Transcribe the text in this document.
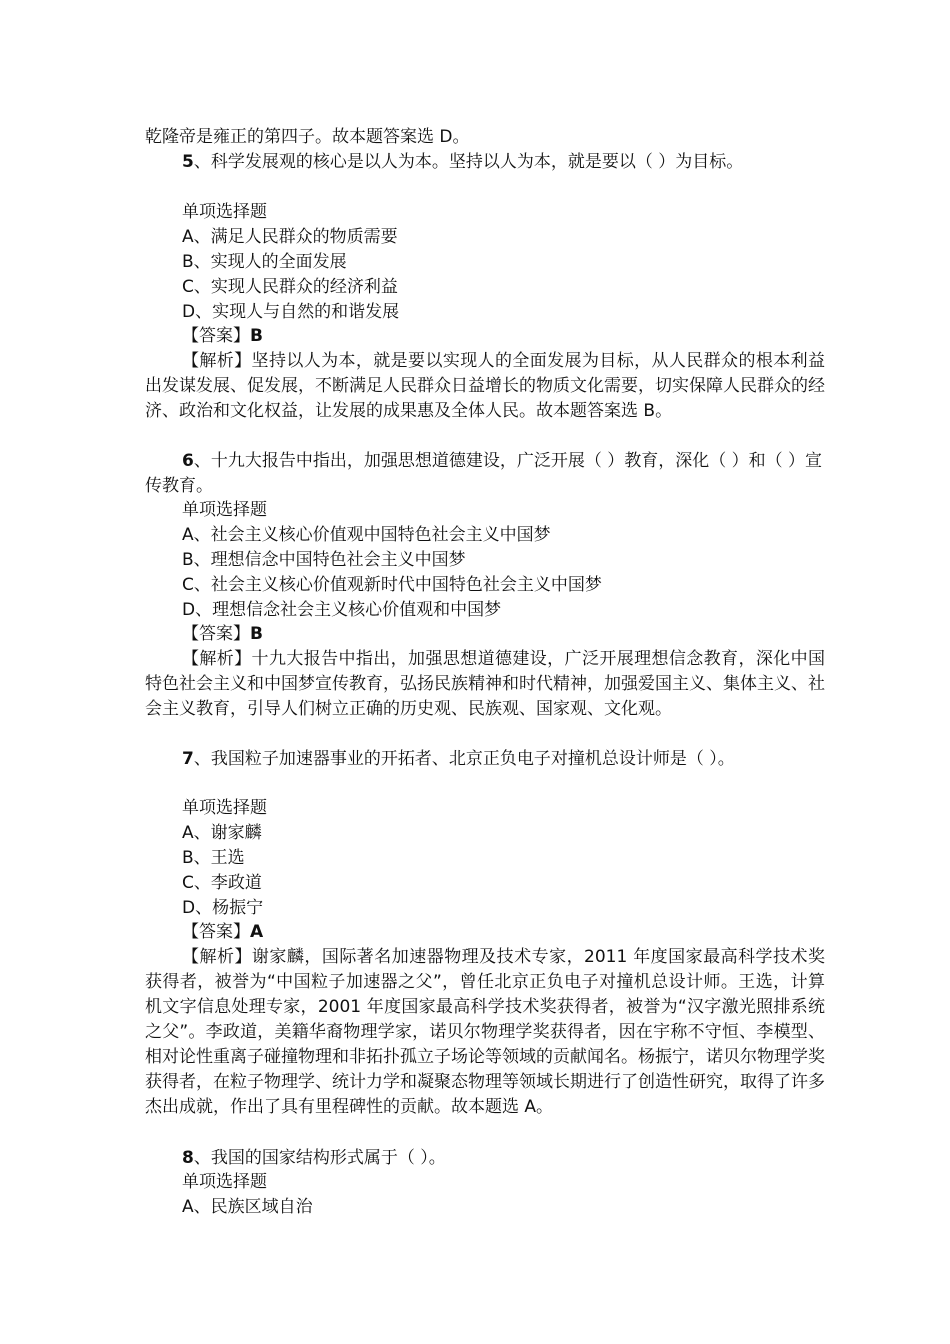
乾隆帝是雍正的第四子。故本题答案选 D。
5、科学发展观的核心是以人为本。坚持以人为本，就是要以（ ）为目标。
单项选择题
A、满足人民群众的物质需要
B、实现人的全面发展
C、实现人民群众的经济利益
D、实现人与自然的和谐发展
【答案】B
【解析】坚持以人为本，就是要以实现人的全面发展为目标，从人民群众的根本利益出发谋发展、促发展，不断满足人民群众日益增长的物质文化需要，切实保障人民群众的经济、政治和文化权益，让发展的成果惠及全体人民。故本题答案选 B。
6、十九大报告中指出，加强思想道德建设，广泛开展（ ）教育，深化（ ）和（ ）宣传教育。
单项选择题
A、社会主义核心价值观中国特色社会主义中国梦
B、理想信念中国特色社会主义中国梦
C、社会主义核心价值观新时代中国特色社会主义中国梦
D、理想信念社会主义核心价值观和中国梦
【答案】B
【解析】十九大报告中指出，加强思想道德建设，广泛开展理想信念教育，深化中国特色社会主义和中国梦宣传教育，弘扬民族精神和时代精神，加强爱国主义、集体主义、社会主义教育，引导人们树立正确的历史观、民族观、国家观、文化观。
7、我国粒子加速器事业的开拓者、北京正负电子对撞机总设计师是（ ）。
单项选择题
A、谢家麟
B、王选
C、李政道
D、杨振宁
【答案】A
【解析】谢家麟，国际著名加速器物理及技术专家，2011 年度国家最高科学技术奖获得者，被誉为“中国粒子加速器之父”，曾任北京正负电子对撞机总设计师。王选，计算机文字信息处理专家，2001 年度国家最高科学技术奖获得者，被誉为“汉字激光照排系统之父”。李政道，美籍华裔物理学家，诺贝尔物理学奖获得者，因在宇称不守恒、李模型、相对论性重离子碰撞物理和非拓扑孤立子场论等领域的贡献闻名。杨振宁，诺贝尔物理学奖获得者，在粒子物理学、统计力学和凝聚态物理等领域长期进行了创造性研究，取得了许多杰出成就，作出了具有里程碑性的贡献。故本题选 A。
8、我国的国家结构形式属于（ ）。
单项选择题
A、民族区域自治
